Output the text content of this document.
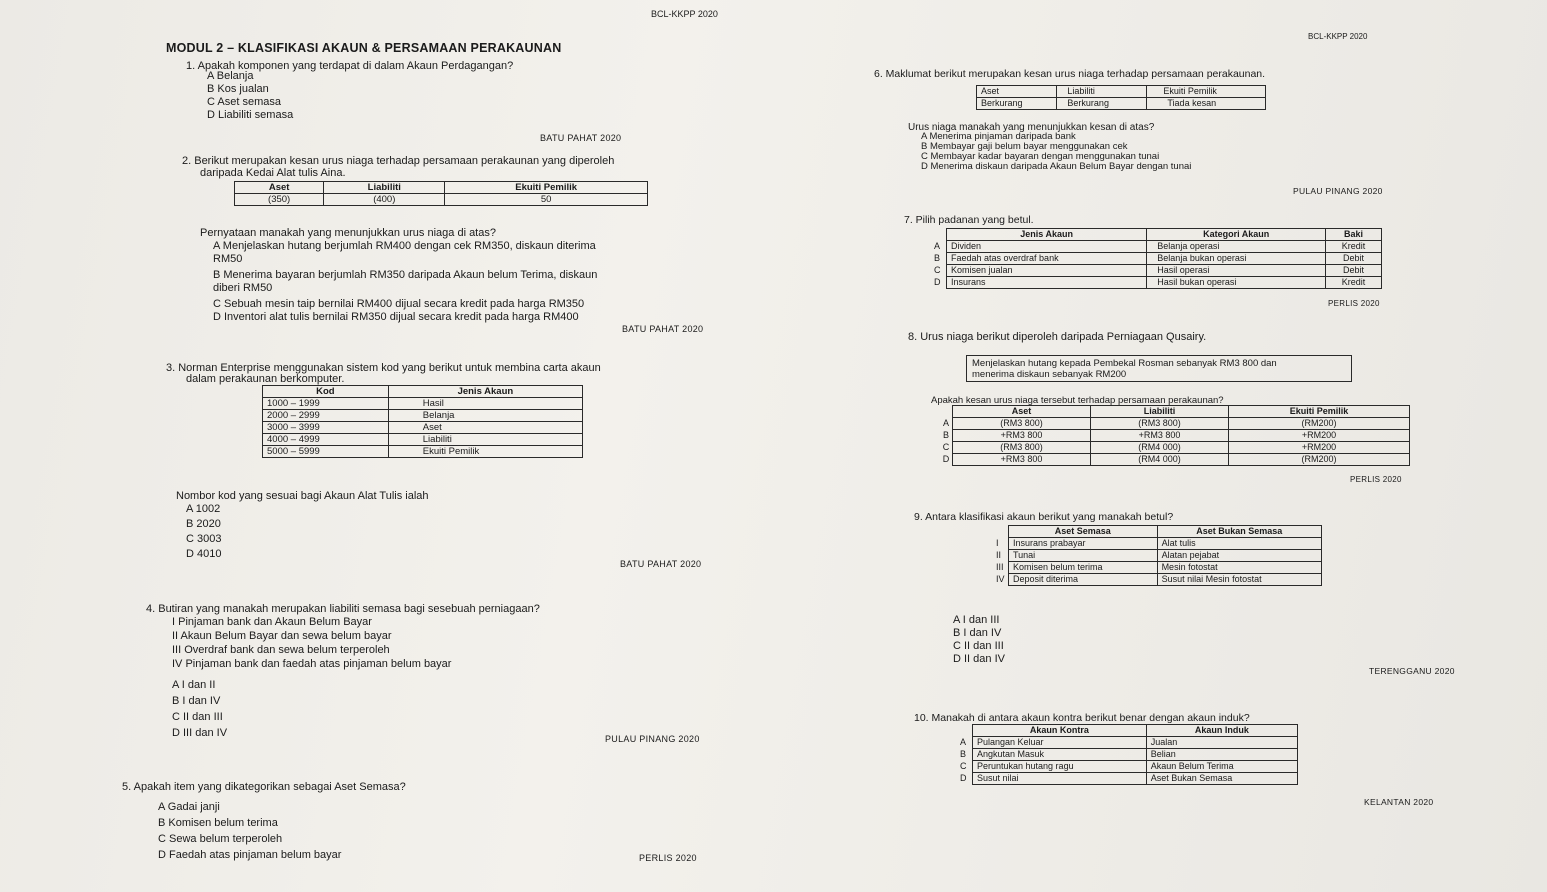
BCL-KKPP 2020
BCL-KKPP 2020
MODUL 2 – KLASIFIKASI AKAUN & PERSAMAAN PERAKAUNAN
1. Apakah komponen yang terdapat di dalam Akaun Perdagangan?
A Belanja
B Kos jualan
C Aset semasa
D Liabiliti semasa
BATU PAHAT 2020
2. Berikut merupakan kesan urus niaga terhadap persamaan perakaunan yang diperoleh
daripada Kedai Alat tulis Aina.
Aset	Liabiliti	Ekuiti Pemilik
(350)	(400)	50
Pernyataan manakah yang menunjukkan urus niaga di atas?
A Menjelaskan hutang berjumlah RM400 dengan cek RM350, diskaun diterima
RM50
B Menerima bayaran berjumlah RM350 daripada Akaun belum Terima, diskaun
diberi RM50
C Sebuah mesin taip bernilai RM400 dijual secara kredit pada harga RM350
D Inventori alat tulis bernilai RM350 dijual secara kredit pada harga RM400
BATU PAHAT 2020
3. Norman Enterprise menggunakan sistem kod yang berikut untuk membina carta akaun
dalam perakaunan berkomputer.
Kod	Jenis Akaun
1000 – 1999	Hasil
2000 – 2999	Belanja
3000 – 3999	Aset
4000 – 4999	Liabiliti
5000 – 5999	Ekuiti Pemilik
Nombor kod yang sesuai bagi Akaun Alat Tulis ialah
A 1002
B 2020
C 3003
D 4010
BATU PAHAT 2020
4. Butiran yang manakah merupakan liabiliti semasa bagi sesebuah perniagaan?
I Pinjaman bank dan Akaun Belum Bayar
II Akaun Belum Bayar dan sewa belum bayar
III Overdraf bank dan sewa belum terperoleh
IV Pinjaman bank dan faedah atas pinjaman belum bayar
A I dan II
B I dan IV
C II dan III
D III dan IV	PULAU PINANG 2020
5. Apakah item yang dikategorikan sebagai Aset Semasa?
A Gadai janji
B Komisen belum terima
C Sewa belum terperoleh
D Faedah atas pinjaman belum bayar	PERLIS 2020
6. Maklumat berikut merupakan kesan urus niaga terhadap persamaan perakaunan.
Aset	Liabiliti	Ekuiti Pemilik
Berkurang	Berkurang	Tiada kesan
Urus niaga manakah yang menunjukkan kesan di atas?
A Menerima pinjaman daripada bank
B Membayar gaji belum bayar menggunakan cek
C Membayar kadar bayaran dengan menggunakan tunai
D Menerima diskaun daripada Akaun Belum Bayar dengan tunai
PULAU PINANG 2020
7. Pilih padanan yang betul.
	Jenis Akaun	Kategori Akaun	Baki
A	Dividen	Belanja operasi	Kredit
B	Faedah atas overdraf bank	Belanja bukan operasi	Debit
C	Komisen jualan	Hasil operasi	Debit
D	Insurans	Hasil bukan operasi	Kredit
PERLIS 2020
8. Urus niaga berikut diperoleh daripada Perniagaan Qusairy.
Menjelaskan hutang kepada Pembekal Rosman sebanyak RM3 800 dan
menerima diskaun sebanyak RM200
Apakah kesan urus niaga tersebut terhadap persamaan perakaunan?
	Aset	Liabiliti	Ekuiti Pemilik
A	(RM3 800)	(RM3 800)	(RM200)
B	+RM3 800	+RM3 800	+RM200
C	(RM3 800)	(RM4 000)	+RM200
D	+RM3 800	(RM4 000)	(RM200)
PERLIS 2020
9. Antara klasifikasi akaun berikut yang manakah betul?
	Aset Semasa	Aset Bukan Semasa
I	Insurans prabayar	Alat tulis
II	Tunai	Alatan pejabat
III	Komisen belum terima	Mesin fotostat
IV	Deposit diterima	Susut nilai Mesin fotostat
A I dan III
B I dan IV
C II dan III
D II dan IV
TERENGGANU 2020
10. Manakah di antara akaun kontra berikut benar dengan akaun induk?
	Akaun Kontra	Akaun Induk
A	Pulangan Keluar	Jualan
B	Angkutan Masuk	Belian
C	Peruntukan hutang ragu	Akaun Belum Terima
D	Susut nilai	Aset Bukan Semasa
KELANTAN 2020
